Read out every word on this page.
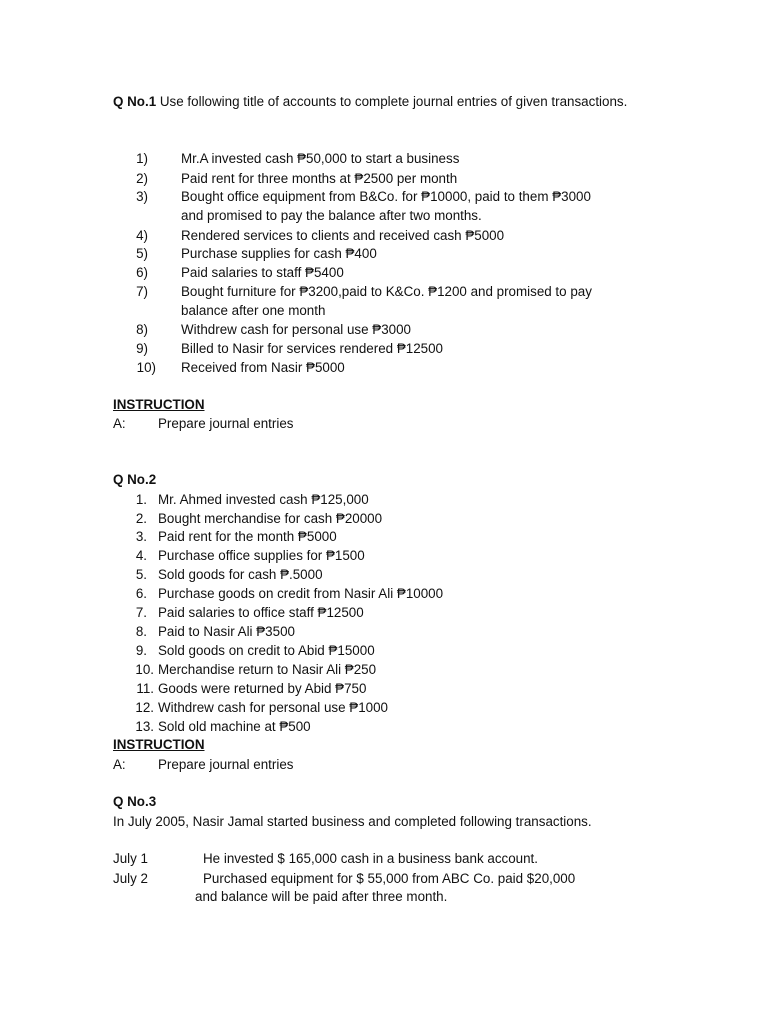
Q No.1 Use following title of accounts to complete journal entries of given transactions.
1) Mr.A invested cash ₱50,000 to start a business
2) Paid rent for three months at ₱2500 per month
3) Bought office equipment from B&Co. for ₱10000, paid to them ₱3000
and promised to pay the balance after two months.
4) Rendered services to clients and received cash ₱5000
5) Purchase supplies for cash ₱400
6) Paid salaries to staff ₱5400
7) Bought furniture for ₱3200,paid to K&Co. ₱1200 and promised to pay
balance after one month
8) Withdrew cash for personal use ₱3000
9) Billed to Nasir for services rendered ₱12500
10) Received from Nasir ₱5000
INSTRUCTION
A: Prepare journal entries
Q No.2
1. Mr. Ahmed invested cash ₱125,000
2. Bought merchandise for cash ₱20000
3. Paid rent for the month ₱5000
4. Purchase office supplies for ₱1500
5. Sold goods for cash ₱.5000
6. Purchase goods on credit from Nasir Ali ₱10000
7. Paid salaries to office staff ₱12500
8. Paid to Nasir Ali ₱3500
9. Sold goods on credit to Abid ₱15000
10. Merchandise return to Nasir Ali ₱250
11. Goods were returned by Abid ₱750
12. Withdrew cash for personal use ₱1000
13. Sold old machine at ₱500
INSTRUCTION
A: Prepare journal entries
Q No.3
In July 2005, Nasir Jamal started business and completed following transactions.
July 1	He invested $ 165,000 cash in a business bank account.
July 2	Purchased equipment for $ 55,000 from ABC Co. paid $20,000
and balance will be paid after three month.
